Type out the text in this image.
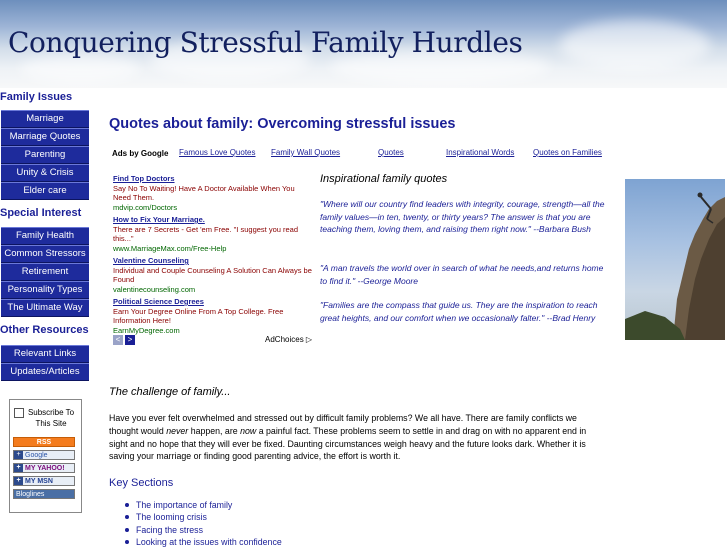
Conquering Stressful Family Hurdles
Family Issues
Marriage
Marriage Quotes
Parenting
Unity & Crisis
Elder care
Special Interest
Family Health
Common Stressors
Retirement
Personality Types
The Ultimate Way
Other Resources
Relevant Links
Updates/Articles
Subscribe To This Site
RSS
+ Google
+ MY YAHOO!
+ MY MSN
Bloglines
Quotes about family: Overcoming stressful issues
Ads by Google Famous Love Quotes Family Wall Quotes	Quotes	Inspirational Words Quotes on Families
Find Top Doctors
Say No To Waiting! Have A Doctor Available When You Need Them.
mdvip.com/Doctors
How to Fix Your Marriage.
There are 7 Secrets - Get 'em Free. "I suggest you read this..."
www.MarriageMax.com/Free-Help
Valentine Counseling
Individual and Couple Counseling A Solution Can Always be Found
valentinecounseling.com
Political Science Degrees
Earn Your Degree Online From A Top College. Free Information Here!
EarnMyDegree.com
< >	AdChoices ▷
Inspirational family quotes
"Where will our country find leaders with integrity, courage, strength—all the family values—in ten, twenty, or thirty years? The answer is that you are teaching them, loving them, and raising them right now." --Barbara Bush
"A man travels the world over in search of what he needs,and returns home to find it." --George Moore
"Families are the compass that guide us. They are the inspiration to reach great heights, and our comfort when we occasionally falter." --Brad Henry
The challenge of family...
Have you ever felt overwhelmed and stressed out by difficult family problems? We all have. There are family conflicts we thought would never happen, are now a painful fact. These problems seem to settle in and drag on with no apparent end in sight and no hope that they will ever be fixed. Daunting circumstances weigh heavy and the future looks dark. Whether it is saving your marriage or finding good parenting advice, the effort is worth it.
Key Sections
The importance of family
The looming crisis
Facing the stress
Looking at the issues with confidence
